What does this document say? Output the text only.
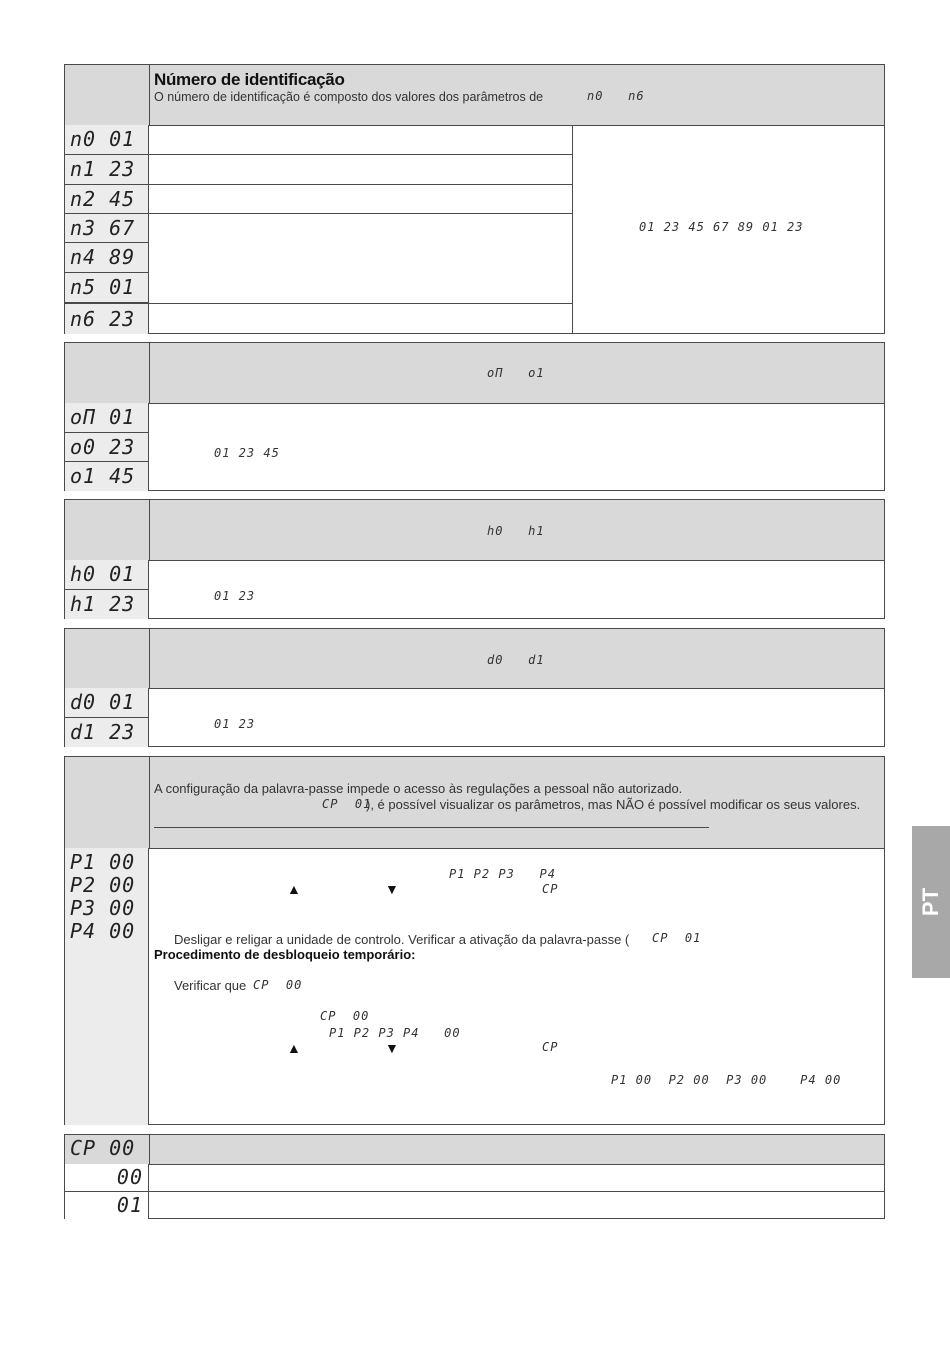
Número de identificação
O número de identificação é composto dos valores dos parâmetros de	n0   n6
n0 01
n1 23
n2 45
n3 67
n4 89
n5 01
n6 23
01 23 45 67 89 01 23
oΠ   o1
oΠ 01
o0 23
o1 45
01 23 45
h0   h1
h0 01
h1 23	01 23
d0   d1
d0 01
d1 23	01 23
A configuração da palavra-passe impede o acesso às regulações a pessoal não autorizado.
CP  01
), é possível visualizar os parâmetros, mas NÃO é possível modificar os seus valores.
P1 00
P2 00
P3 00
P4 00
P1 P2 P3   P4
▲	▼	CP
Desligar e religar a unidade de controlo. Verificar a ativação da palavra-passe ( CP  01
Procedimento de desbloqueio temporário:
Verificar que CP  00
CP  00
P1 P2 P3 P4   00
▲	▼	CP
P1 00  P2 00  P3 00    P4 00
CP 00
00
01
PT
